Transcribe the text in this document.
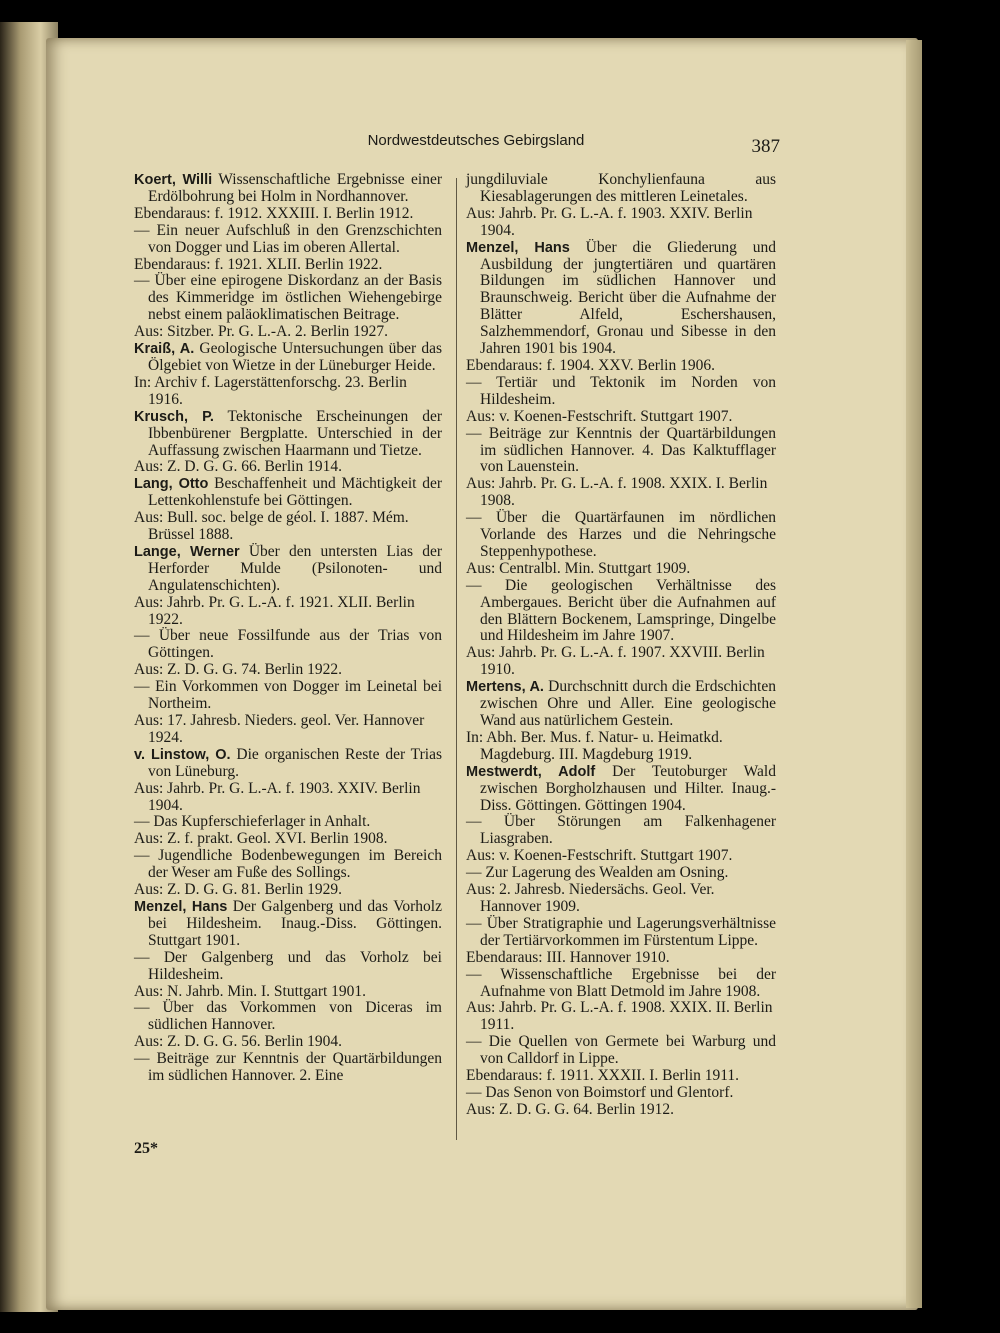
Nordwestdeutsches Gebirgsland	387
Koert, Willi Wissenschaftliche Ergebnisse einer Erdölbohrung bei Holm in Nordhannover.
Ebendaraus: f. 1912. XXXIII. I. Berlin 1912.
— Ein neuer Aufschluß in den Grenzschichten von Dogger und Lias im oberen Allertal.
Ebendaraus: f. 1921. XLII. Berlin 1922.
— Über eine epirogene Diskordanz an der Basis des Kimmeridge im östlichen Wiehengebirge nebst einem paläoklimatischen Beitrage.
Aus: Sitzber. Pr. G. L.-A. 2. Berlin 1927.
Kraiß, A. Geologische Untersuchungen über das Ölgebiet von Wietze in der Lüneburger Heide.
In: Archiv f. Lagerstättenforschg. 23. Berlin 1916.
Krusch, P. Tektonische Erscheinungen der Ibbenbürener Bergplatte. Unterschied in der Auffassung zwischen Haarmann und Tietze.
Aus: Z. D. G. G. 66. Berlin 1914.
Lang, Otto Beschaffenheit und Mächtigkeit der Lettenkohlenstufe bei Göttingen.
Aus: Bull. soc. belge de géol. I. 1887. Mém. Brüssel 1888.
Lange, Werner Über den untersten Lias der Herforder Mulde (Psilonoten- und Angulatenschichten).
Aus: Jahrb. Pr. G. L.-A. f. 1921. XLII. Berlin 1922.
— Über neue Fossilfunde aus der Trias von Göttingen.
Aus: Z. D. G. G. 74. Berlin 1922.
— Ein Vorkommen von Dogger im Leinetal bei Northeim.
Aus: 17. Jahresb. Nieders. geol. Ver. Hannover 1924.
v. Linstow, O. Die organischen Reste der Trias von Lüneburg.
Aus: Jahrb. Pr. G. L.-A. f. 1903. XXIV. Berlin 1904.
— Das Kupferschieferlager in Anhalt.
Aus: Z. f. prakt. Geol. XVI. Berlin 1908.
— Jugendliche Bodenbewegungen im Bereich der Weser am Fuße des Sollings.
Aus: Z. D. G. G. 81. Berlin 1929.
Menzel, Hans Der Galgenberg und das Vorholz bei Hildesheim. Inaug.-Diss. Göttingen. Stuttgart 1901.
— Der Galgenberg und das Vorholz bei Hildesheim.
Aus: N. Jahrb. Min. I. Stuttgart 1901.
— Über das Vorkommen von Diceras im südlichen Hannover.
Aus: Z. D. G. G. 56. Berlin 1904.
— Beiträge zur Kenntnis der Quartärbildungen im südlichen Hannover. 2. Eine
jungdiluviale Konchylienfauna aus Kiesablagerungen des mittleren Leinetales.
Aus: Jahrb. Pr. G. L.-A. f. 1903. XXIV. Berlin 1904.
Menzel, Hans Über die Gliederung und Ausbildung der jungtertiären und quartären Bildungen im südlichen Hannover und Braunschweig. Bericht über die Aufnahme der Blätter Alfeld, Eschershausen, Salzhemmendorf, Gronau und Sibesse in den Jahren 1901 bis 1904.
Ebendaraus: f. 1904. XXV. Berlin 1906.
— Tertiär und Tektonik im Norden von Hildesheim.
Aus: v. Koenen-Festschrift. Stuttgart 1907.
— Beiträge zur Kenntnis der Quartärbildungen im südlichen Hannover. 4. Das Kalktufflager von Lauenstein.
Aus: Jahrb. Pr. G. L.-A. f. 1908. XXIX. I. Berlin 1908.
— Über die Quartärfaunen im nördlichen Vorlande des Harzes und die Nehringsche Steppenhypothese.
Aus: Centralbl. Min. Stuttgart 1909.
— Die geologischen Verhältnisse des Ambergaues. Bericht über die Aufnahmen auf den Blättern Bockenem, Lamspringe, Dingelbe und Hildesheim im Jahre 1907.
Aus: Jahrb. Pr. G. L.-A. f. 1907. XXVIII. Berlin 1910.
Mertens, A. Durchschnitt durch die Erdschichten zwischen Ohre und Aller. Eine geologische Wand aus natürlichem Gestein.
In: Abh. Ber. Mus. f. Natur- u. Heimatkd. Magdeburg. III. Magdeburg 1919.
Mestwerdt, Adolf Der Teutoburger Wald zwischen Borgholzhausen und Hilter. Inaug.-Diss. Göttingen. Göttingen 1904.
— Über Störungen am Falkenhagener Liasgraben.
Aus: v. Koenen-Festschrift. Stuttgart 1907.
— Zur Lagerung des Wealden am Osning.
Aus: 2. Jahresb. Niedersächs. Geol. Ver. Hannover 1909.
— Über Stratigraphie und Lagerungsverhältnisse der Tertiärvorkommen im Fürstentum Lippe.
Ebendaraus: III. Hannover 1910.
— Wissenschaftliche Ergebnisse bei der Aufnahme von Blatt Detmold im Jahre 1908.
Aus: Jahrb. Pr. G. L.-A. f. 1908. XXIX. II. Berlin 1911.
— Die Quellen von Germete bei Warburg und von Calldorf in Lippe.
Ebendaraus: f. 1911. XXXII. I. Berlin 1911.
— Das Senon von Boimstorf und Glentorf.
Aus: Z. D. G. G. 64. Berlin 1912.
25*
